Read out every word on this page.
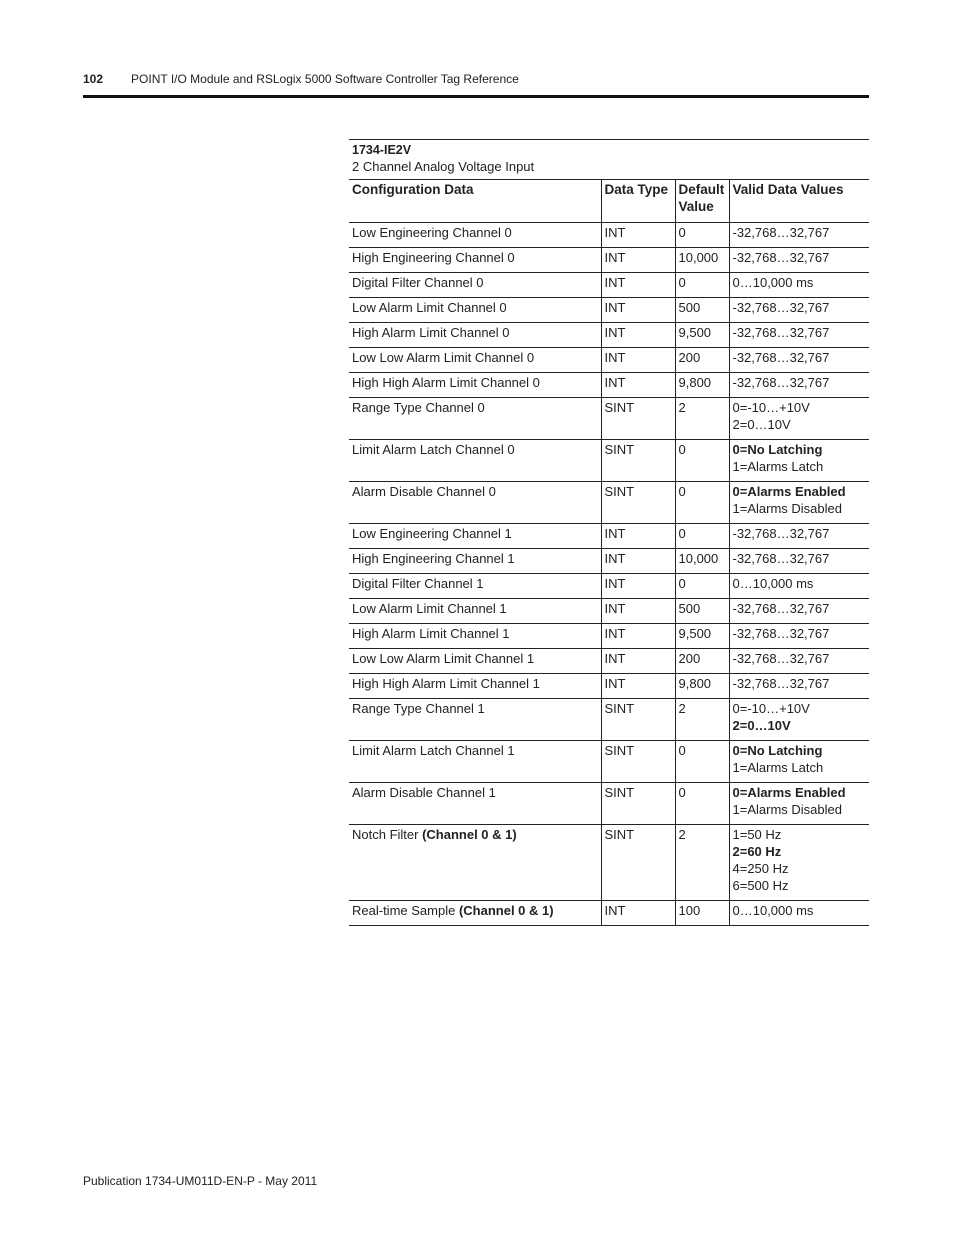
102 POINT I/O Module and RSLogix 5000 Software Controller Tag Reference
1734-IE2V
2 Channel Analog Voltage Input
Configuration Data	Data Type	Default Value	Valid Data Values
Low Engineering Channel 0	INT	0	-32,768…32,767
High Engineering Channel 0	INT	10,000	-32,768…32,767
Digital Filter Channel 0	INT	0	0…10,000 ms
Low Alarm Limit Channel 0	INT	500	-32,768…32,767
High Alarm Limit Channel 0	INT	9,500	-32,768…32,767
Low Low Alarm Limit Channel 0	INT	200	-32,768…32,767
High High Alarm Limit Channel 0	INT	9,800	-32,768…32,767
Range Type Channel 0	SINT	2	0=-10…+10V
2=0…10V

Limit Alarm Latch Channel 0	SINT	0	0=No Latching
1=Alarms Latch

Alarm Disable Channel 0	SINT	0	0=Alarms Enabled
1=Alarms Disabled

Low Engineering Channel 1	INT	0	-32,768…32,767
High Engineering Channel 1	INT	10,000	-32,768…32,767
Digital Filter Channel 1	INT	0	0…10,000 ms
Low Alarm Limit Channel 1	INT	500	-32,768…32,767
High Alarm Limit Channel 1	INT	9,500	-32,768…32,767
Low Low Alarm Limit Channel 1	INT	200	-32,768…32,767
High High Alarm Limit Channel 1	INT	9,800	-32,768…32,767
Range Type Channel 1	SINT	2	0=-10…+10V
2=0…10V

Limit Alarm Latch Channel 1	SINT	0	0=No Latching
1=Alarms Latch

Alarm Disable Channel 1	SINT	0	0=Alarms Enabled
1=Alarms Disabled

Notch Filter (Channel 0 & 1)	SINT	2	1=50 Hz
2=60 Hz
4=250 Hz
6=500 Hz

Real-time Sample (Channel 0 & 1)	INT	100	0…10,000 ms
Publication 1734-UM011D-EN-P - May 2011
